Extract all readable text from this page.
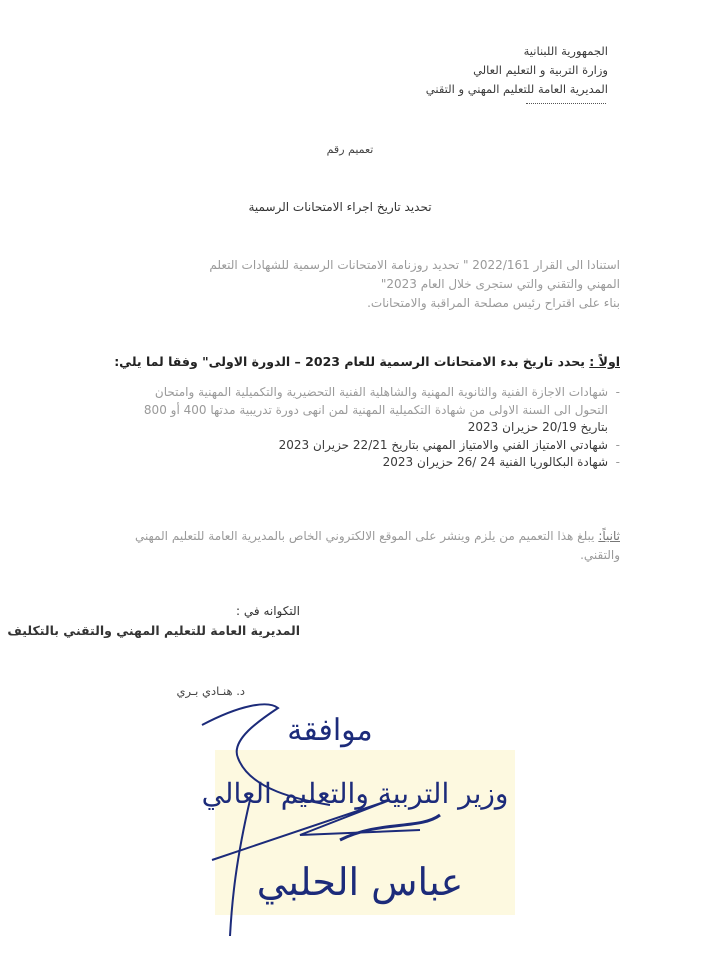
الجمهورية اللبنانية
وزارة التربية و التعليم العالي
المديرية العامة للتعليم المهني و التقني
تعميم رقم
تحديد تاريخ اجراء الامتحانات الرسمية
استنادا الى القرار 2022/161 " تحديد روزنامة الامتحانات الرسمية للشهادات التعلم
المهني والتقني والتي ستجرى خلال العام 2023"
بناء على اقتراح رئيس مصلحة المراقبة والامتحانات.
اولاً : يحدد تاريخ بدء الامتحانات الرسمية للعام 2023 – الدورة الاولى" وفقا لما يلي:
- شهادات الاجازة الفنية والثانوية المهنية والشاهلية الفنية التحضيرية والتكميلية المهنية وامتحان
التحول الى السنة الاولى من شهادة التكميلية المهنية لمن انهى دورة تدريبية مدتها 400 أو 800
بتاريخ 20/19 حزيران 2023
- شهادتي الامتياز الفني والامتياز المهني بتاريخ 22/21 حزيران 2023
- شهادة البكالوريا الفنية 24 /26 حزيران 2023
ثانياً: يبلغ هذا التعميم من يلزم وينشر على الموقع الالكتروني الخاص بالمديرية العامة للتعليم المهني
والتقني.
التكوانه في :
المديرية العامة للتعليم المهني والتقني بالتكليف
د. هنـادي بـري
موافقة
وزير التربية والتعليم العالي
عباس الحلبي
